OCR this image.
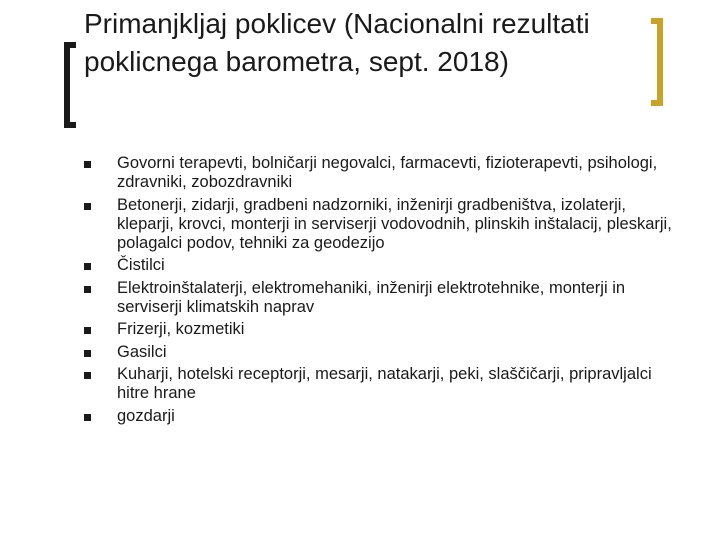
Primanjkljaj poklicev (Nacionalni rezultati poklicnega barometra, sept. 2018)
Govorni terapevti, bolničarji negovalci, farmacevti, fizioterapevti, psihologi, zdravniki, zobozdravniki
Betonerji, zidarji, gradbeni nadzorniki, inženirji gradbeništva, izolaterji, kleparji, krovci, monterji in serviserji vodovodnih, plinskih inštalacij, pleskarji, polagalci podov, tehniki za geodezijo
Čistilci
Elektroinštalaterji, elektromehaniki, inženirji elektrotehnike, monterji in serviserji klimatskih naprav
Frizerji, kozmetiki
Gasilci
Kuharji, hotelski receptorji, mesarji, natakarji, peki, slaščičarji, pripravljalci hitre hrane
gozdarji
